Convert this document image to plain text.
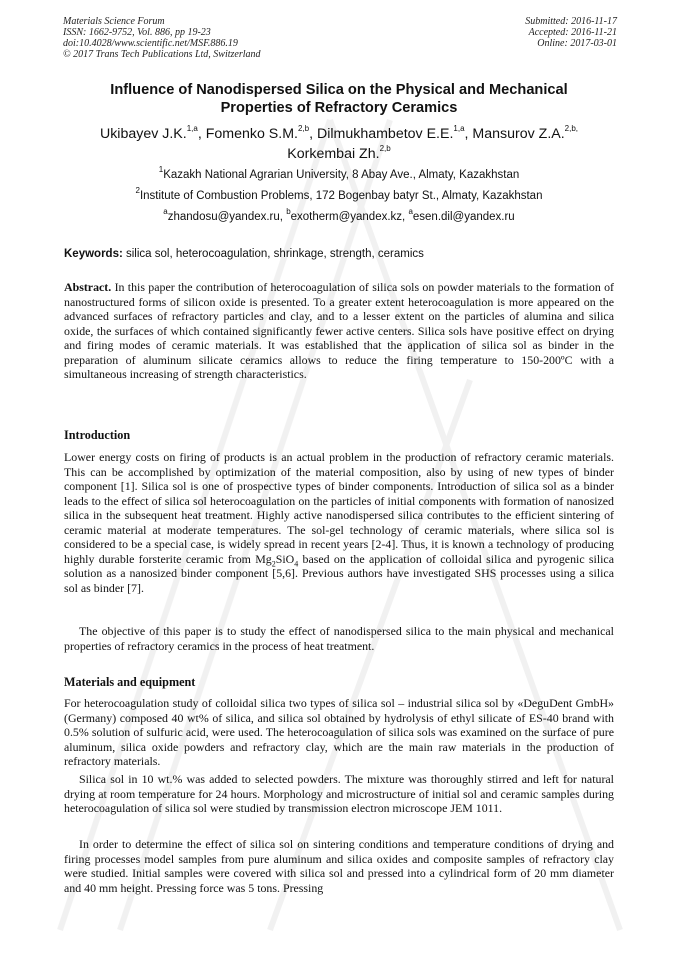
Materials Science Forum
ISSN: 1662-9752, Vol. 886, pp 19-23
doi:10.4028/www.scientific.net/MSF.886.19
© 2017 Trans Tech Publications Ltd, Switzerland
Submitted: 2016-11-17
Accepted: 2016-11-21
Online: 2017-03-01
Influence of Nanodispersed Silica on the Physical and Mechanical
Properties of Refractory Ceramics
Ukibayev J.K.$^{1,a}$, Fomenko S.M.$^{2,b}$, Dilmukhambetov E.E.$^{1,a}$, Mansurov Z.A.$^{2,b,}$
Korkembai Zh.$^{2,b}$
$^1$Kazakh National Agrarian University, 8 Abay Ave., Almaty, Kazakhstan
$^2$Institute of Combustion Problems, 172 Bogenbay batyr St., Almaty, Kazakhstan
$^a$zhandosu@yandex.ru, $^b$exotherm@yandex.kz, $^a$esen.dil@yandex.ru
Keywords: silica sol, heterocoagulation, shrinkage, strength, ceramics
Abstract. In this paper the contribution of heterocoagulation of silica sols on powder materials to the formation of nanostructured forms of silicon oxide is presented. To a greater extent heterocoagulation is more appeared on the advanced surfaces of refractory particles and clay, and to a lesser extent on the particles of alumina and silica oxide, the surfaces of which contained significantly fewer active centers. Silica sols have positive effect on drying and firing modes of ceramic materials. It was established that the application of silica sol as binder in the preparation of aluminum silicate ceramics allows to reduce the firing temperature to 150-200ºC with a simultaneous increasing of strength characteristics.
Introduction
Lower energy costs on firing of products is an actual problem in the production of refractory ceramic materials. This can be accomplished by optimization of the material composition, also by using of new types of binder component [1]. Silica sol is one of prospective types of binder components. Introduction of silica sol as a binder leads to the effect of silica sol heterocoagulation on the particles of initial components with formation of nanosized silica in the subsequent heat treatment. Highly active nanodispersed silica contributes to the efficient sintering of ceramic material at moderate temperatures. The sol-gel technology of ceramic materials, where silica sol is considered to be a special case, is widely spread in recent years [2-4]. Thus, it is known a technology of producing highly durable forsterite ceramic from $Mg_2SiO_4$ based on the application of colloidal silica and pyrogenic silica solution as a nanosized binder component [5,6]. Previous authors have investigated SHS processes using a silica sol as binder [7].
The objective of this paper is to study the effect of nanodispersed silica to the main physical and mechanical properties of refractory ceramics in the process of heat treatment.
Materials and equipment
For heterocoagulation study of colloidal silica two types of silica sol – industrial silica sol by «DeguDent GmbH» (Germany) composed 40 wt% of silica, and silica sol obtained by hydrolysis of ethyl silicate of ES-40 brand with 0.5% solution of sulfuric acid, were used. The heterocoagulation of silica sols was examined on the surface of pure aluminum, silica oxide powders and refractory clay, which are the main raw materials in the production of refractory materials.
Silica sol in 10 wt.% was added to selected powders. The mixture was thoroughly stirred and left for natural drying at room temperature for 24 hours. Morphology and microstructure of initial sol and ceramic samples during heterocoagulation of silica sol were studied by transmission electron microscope JEM 1011.
In order to determine the effect of silica sol on sintering conditions and temperature conditions of drying and firing processes model samples from pure aluminum and silica oxides and composite samples of refractory clay were studied. Initial samples were covered with silica sol and pressed into a cylindrical form of 20 mm diameter and 40 mm height. Pressing force was 5 tons. Pressing
